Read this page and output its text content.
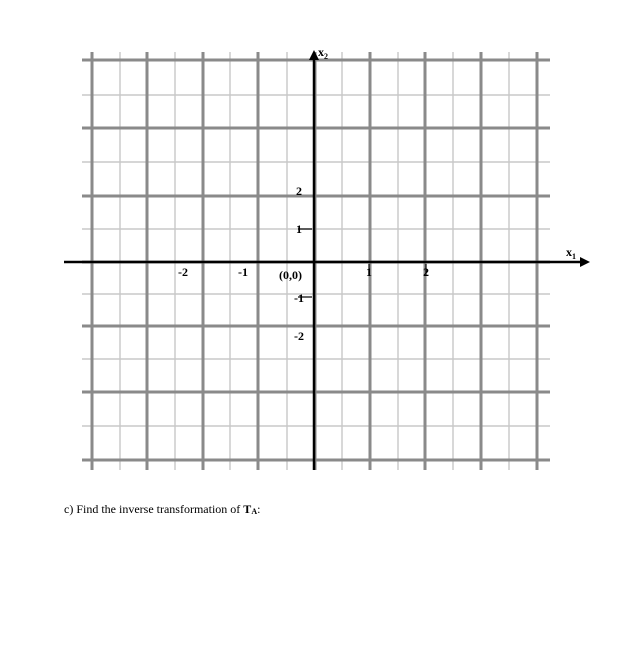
$x_1$
$x_2$
(0,0)
-2	-1	1	2
2
1
-1
-2
c) Find the inverse transformation of $T_A$:
